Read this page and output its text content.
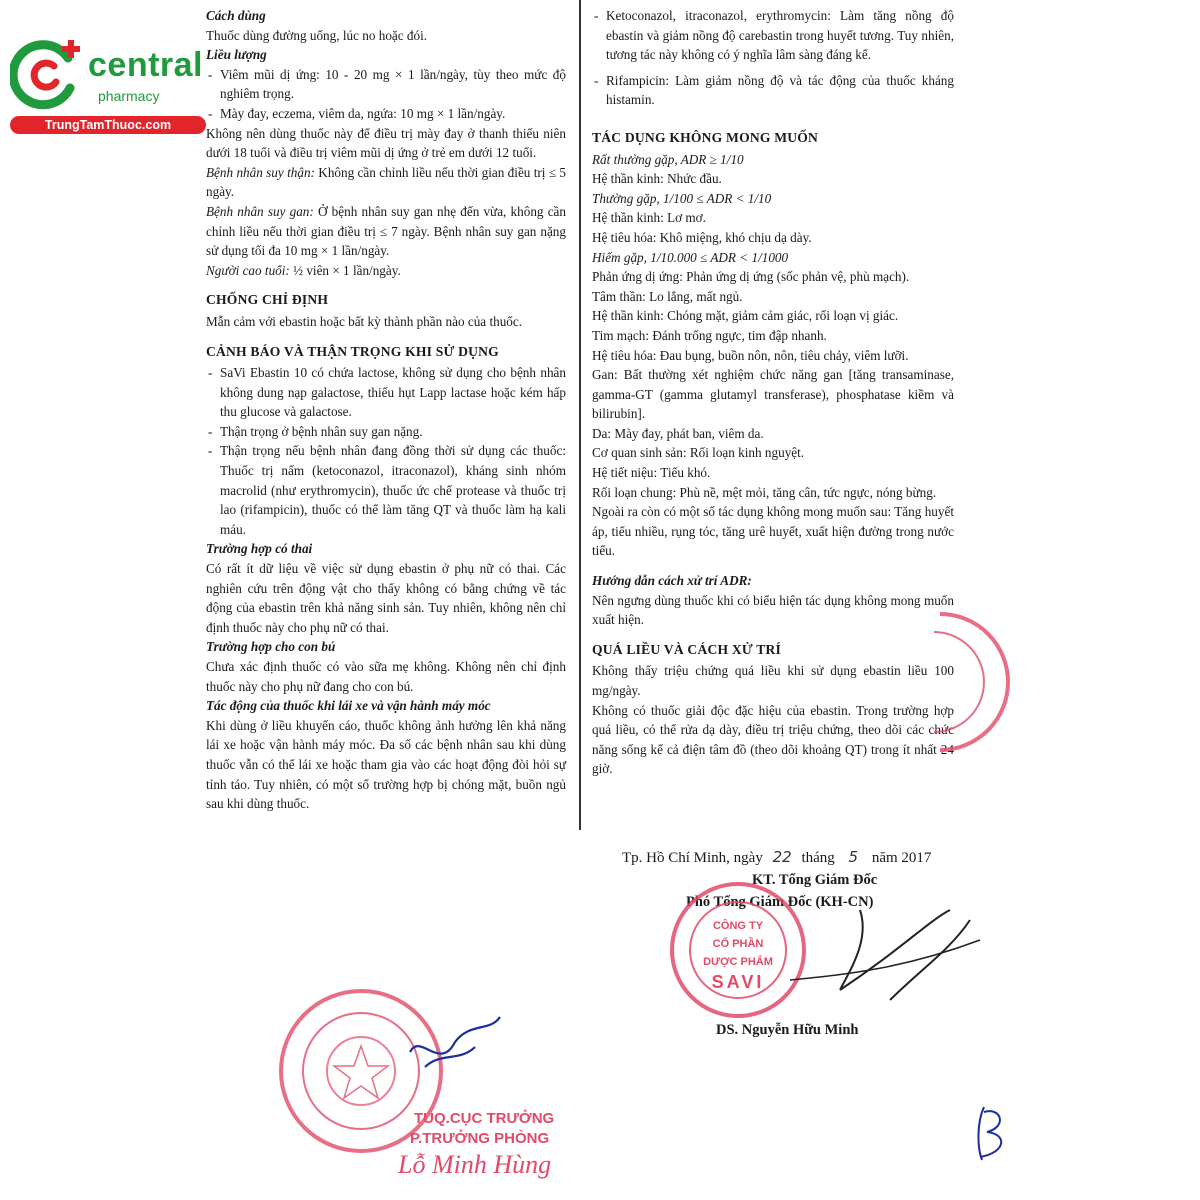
central
pharmacy
TrungTamThuoc.com

Cách dùng

Thuốc dùng đường uống, lúc no hoặc đói.

Liều lượng

- Viêm mũi dị ứng: 10 - 20 mg × 1 lần/ngày, tùy theo mức độ nghiêm trọng.
- Mày đay, eczema, viêm da, ngứa: 10 mg × 1 lần/ngày.

Không nên dùng thuốc này để điều trị mày đay ở thanh thiếu niên dưới 18 tuổi và điều trị viêm mũi dị ứng ở trẻ em dưới 12 tuổi.

Bệnh nhân suy thận: Không cần chỉnh liều nếu thời gian điều trị ≤ 5 ngày.

Bệnh nhân suy gan: Ở bệnh nhân suy gan nhẹ đến vừa, không cần chỉnh liều nếu thời gian điều trị ≤ 7 ngày. Bệnh nhân suy gan nặng sử dụng tối đa 10 mg × 1 lần/ngày.

Người cao tuổi: ½ viên × 1 lần/ngày.

CHỐNG CHỈ ĐỊNH

Mẫn cảm với ebastin hoặc bất kỳ thành phần nào của thuốc.

CẢNH BÁO VÀ THẬN TRỌNG KHI SỬ DỤNG

- SaVi Ebastin 10 có chứa lactose, không sử dụng cho bệnh nhân không dung nạp galactose, thiếu hụt Lapp lactase hoặc kém hấp thu glucose và galactose.
- Thận trọng ở bệnh nhân suy gan nặng.
- Thận trọng nếu bệnh nhân đang đồng thời sử dụng các thuốc: Thuốc trị nấm (ketoconazol, itraconazol), kháng sinh nhóm macrolid (như erythromycin), thuốc ức chế protease và thuốc trị lao (rifampicin), thuốc có thể làm tăng QT và thuốc làm hạ kali máu.

Trường hợp có thai

Có rất ít dữ liệu về việc sử dụng ebastin ở phụ nữ có thai. Các nghiên cứu trên động vật cho thấy không có bằng chứng về tác động của ebastin trên khả năng sinh sản. Tuy nhiên, không nên chỉ định thuốc này cho phụ nữ có thai.

Trường hợp cho con bú

Chưa xác định thuốc có vào sữa mẹ không. Không nên chỉ định thuốc này cho phụ nữ đang cho con bú.

Tác động của thuốc khi lái xe và vận hành máy móc

Khi dùng ở liều khuyến cáo, thuốc không ảnh hưởng lên khả năng lái xe hoặc vận hành máy móc. Đa số các bệnh nhân sau khi dùng thuốc vẫn có thể lái xe hoặc tham gia vào các hoạt động đòi hỏi sự tỉnh táo. Tuy nhiên, có một số trường hợp bị chóng mặt, buồn ngủ sau khi dùng thuốc.

- Ketoconazol, itraconazol, erythromycin: Làm tăng nồng độ ebastin và giảm nồng độ carebastin trong huyết tương. Tuy nhiên, tương tác này không có ý nghĩa lâm sàng đáng kể.
- Rifampicin: Làm giảm nồng độ và tác động của thuốc kháng histamin.

TÁC DỤNG KHÔNG MONG MUỐN

Rất thường gặp, ADR ≥ 1/10

Hệ thần kinh: Nhức đầu.

Thường gặp, 1/100 ≤ ADR < 1/10

Hệ thần kinh: Lơ mơ.

Hệ tiêu hóa: Khô miệng, khó chịu dạ dày.

Hiếm gặp, 1/10.000 ≤ ADR < 1/1000

Phản ứng dị ứng: Phản ứng dị ứng (sốc phản vệ, phù mạch).

Tâm thần: Lo lắng, mất ngủ.

Hệ thần kinh: Chóng mặt, giảm cảm giác, rối loạn vị giác.

Tim mạch: Đánh trống ngực, tim đập nhanh.

Hệ tiêu hóa: Đau bụng, buồn nôn, nôn, tiêu chảy, viêm lưỡi.

Gan: Bất thường xét nghiệm chức năng gan [tăng transaminase, gamma-GT (gamma glutamyl transferase), phosphatase kiềm và bilirubin].

Da: Mày đay, phát ban, viêm da.

Cơ quan sinh sản: Rối loạn kinh nguyệt.

Hệ tiết niệu: Tiểu khó.

Rối loạn chung: Phù nề, mệt mỏi, tăng cân, tức ngực, nóng bừng.

Ngoài ra còn có một số tác dụng không mong muốn sau: Tăng huyết áp, tiểu nhiều, rụng tóc, tăng urê huyết, xuất hiện đường trong nước tiểu.

Hướng dẫn cách xử trí ADR:

Nên ngưng dùng thuốc khi có biểu hiện tác dụng không mong muốn xuất hiện.

QUÁ LIỀU VÀ CÁCH XỬ TRÍ

Không thấy triệu chứng quá liều khi sử dụng ebastin liều 100 mg/ngày.

Không có thuốc giải độc đặc hiệu của ebastin. Trong trường hợp quá liều, có thể rửa dạ dày, điều trị triệu chứng, theo dõi các chức năng sống kể cả điện tâm đồ (theo dõi khoảng QT) trong ít nhất 24 giờ.

Tp. Hồ Chí Minh, ngày 22 tháng 5 năm 2017
KT. Tổng Giám Đốc
Phó Tổng Giám Đốc (KH-CN)
CÔNG TY
CỔ PHẦN
DƯỢC PHẨM
SAVI
DS. Nguyễn Hữu Minh
TUQ.CỤC TRƯỞNG
P.TRƯỞNG PHÒNG
Lỗ Minh Hùng
